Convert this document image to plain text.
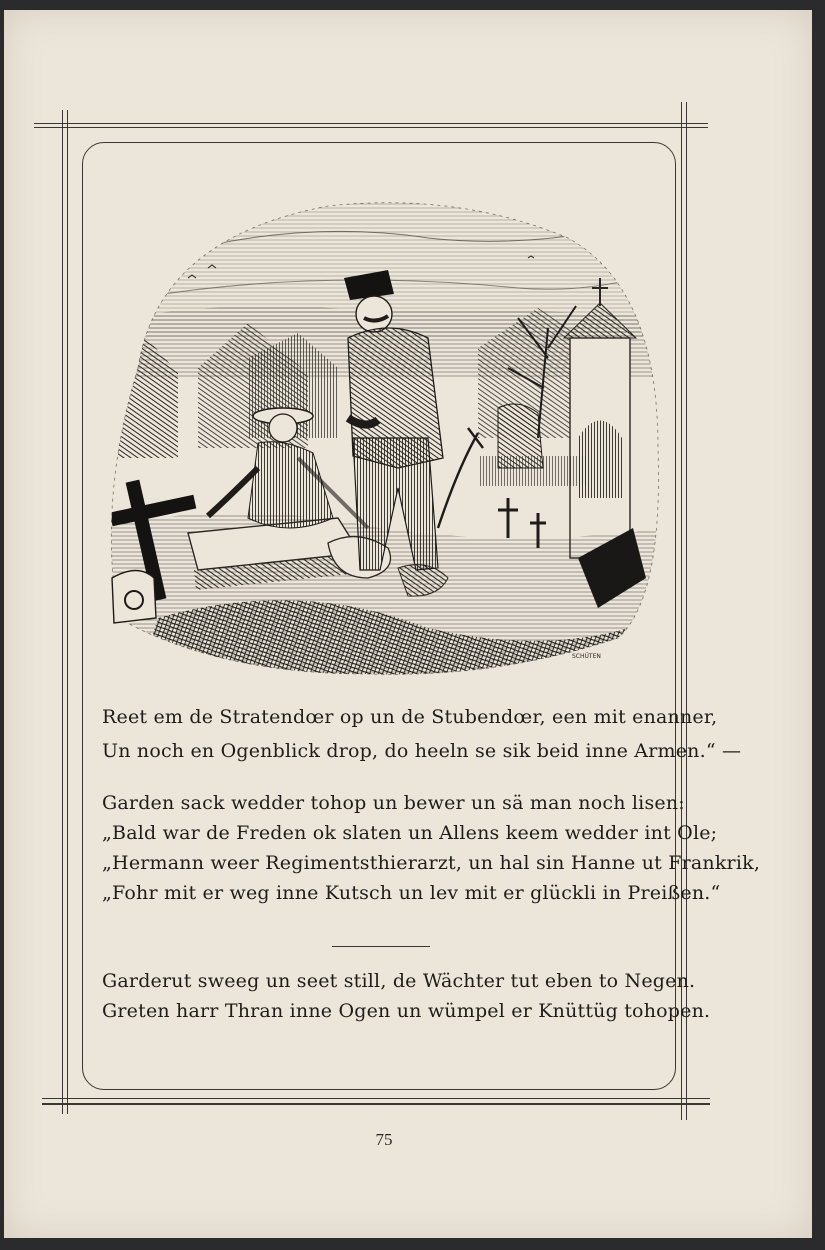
SCHÜTEN
Reet em de Stratendœr op un de Stubendœr, een mit enanner,
Un noch en Ogenblick drop, do heeln se sik beid inne Armen.“ —
Garden sack wedder tohop un bewer un sä man noch lisen:
„Bald war de Freden ok slaten un Allens keem wedder int Ole;
„Hermann weer Regimentsthierarzt, un hal sin Hanne ut Frankrik,
„Fohr mit er weg inne Kutsch un lev mit er glückli in Preißen.“
Garderut sweeg un seet still, de Wächter tut eben to Negen.
Greten harr Thran inne Ogen un wümpel er Knüttüg tohopen.
75
